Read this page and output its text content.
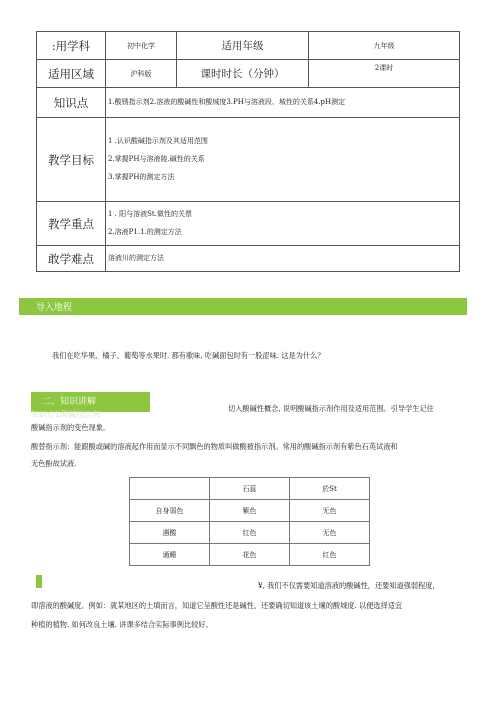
:用学科	初中化学	适用年级	九年级
适用区域	沪科版	课时时长（分钟）	2课时
知识点	1.酸锈指示剂2.溶液的酸碱性和酸城度3.PH与溶液段、城性的关系4.pH测定		
教学目标	1 .认识酸碱指示剂及其适用范围
2.掌握PH与溶液陵.碱性的关系
3.掌握PH的测定方法		

教学重点	1 . 阳与溶液St.做性的关票
2.溶液P1.1.的测定方法		

敢学难点	溶液川的测定方法		
导入地程
我们在吃华果、橘子、葡萄等水果时. 都有歌味, 吃碱面包时有一股涩味. 这是为什么？
二、知识讲解
知识点1酸碱指示剂
切入酸碱性概念, 说明酸碱指示剂作用及适用范围。引导学生记住
酸碱指示剂的变色现象。
酸替指示剂：能跟酸或碱的溶液起作用而显示不同飘色的物质叫做酸被指示剂。常用的酸碱指示剂有紫色石英试液和
无色酚故试液.
	石蕊	於St
自身弱色	紫色	无色
遇酸	红色	无色
通睡	花色	红色
¥, 我们不仅需要知道溶液的酸碱性，还要知道强弱程度，
即溶液的酸碱度。例如：就某地区的土填而言，知道它呈酸性还是碱性，还要确切知道该土壤的酸城度. 以便选择适宜
种植的植物. 如何改良土壤. 讲课多结合实际事例比较好。
